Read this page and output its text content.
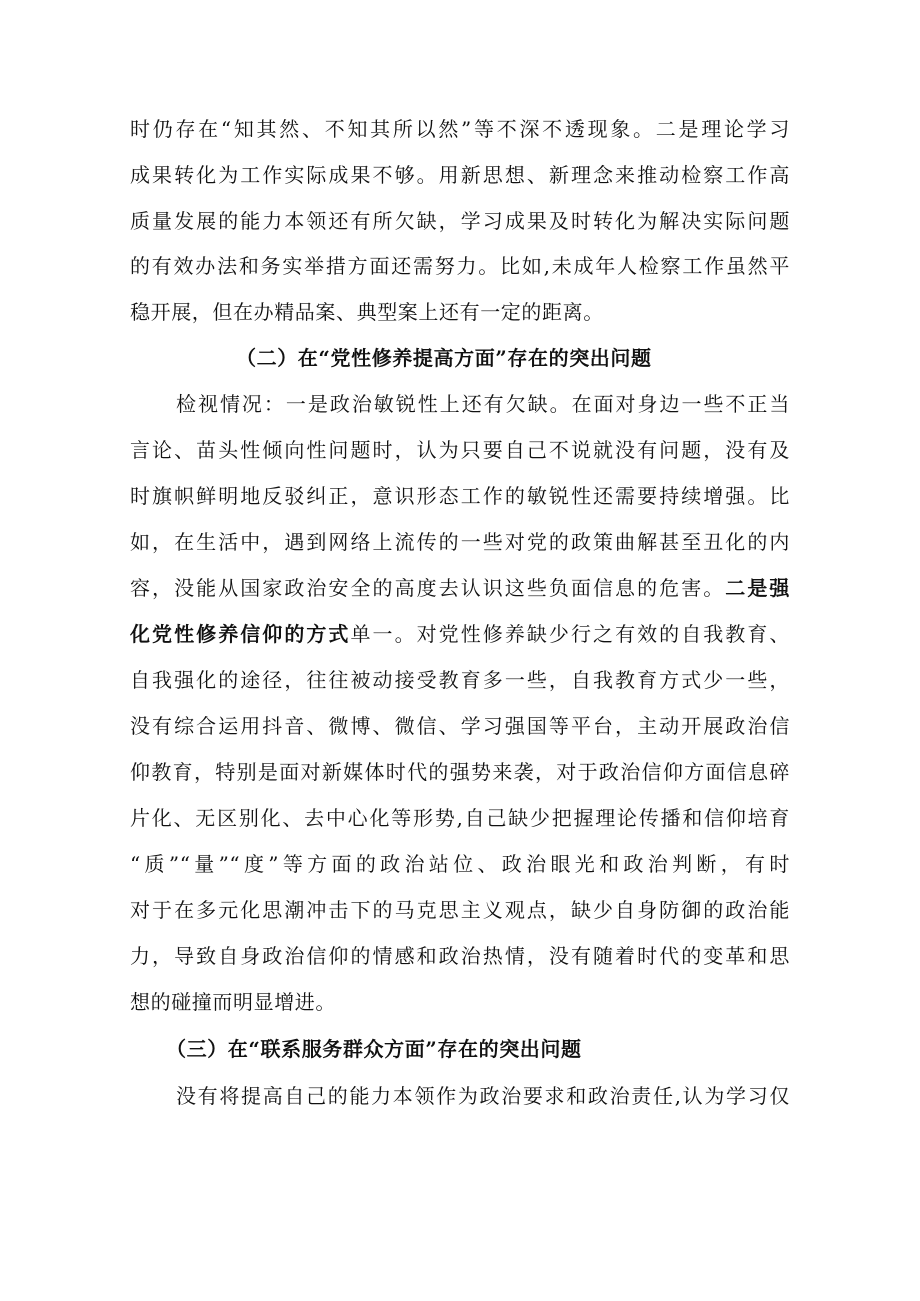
时仍存在“知其然、不知其所以然”等不深不透现象。二是理论学习
成果转化为工作实际成果不够。用新思想、新理念来推动检察工作高
质量发展的能力本领还有所欠缺，学习成果及时转化为解决实际问题
的有效办法和务实举措方面还需努力。比如,未成年人检察工作虽然平
稳开展，但在办精品案、典型案上还有一定的距离。
（二）在“党性修养提高方面”存在的突出问题
检视情况：一是政治敏锐性上还有欠缺。在面对身边一些不正当
言论、苗头性倾向性问题时，认为只要自己不说就没有问题，没有及
时旗帜鲜明地反驳纠正，意识形态工作的敏锐性还需要持续增强。比
如，在生活中，遇到网络上流传的一些对党的政策曲解甚至丑化的内
容，没能从国家政治安全的高度去认识这些负面信息的危害。二是强
化党性修养信仰的方式单一。对党性修养缺少行之有效的自我教育、
自我强化的途径，往往被动接受教育多一些，自我教育方式少一些，
没有综合运用抖音、微博、微信、学习强国等平台，主动开展政治信
仰教育，特别是面对新媒体时代的强势来袭，对于政治信仰方面信息碎
片化、无区别化、去中心化等形势,自己缺少把握理论传播和信仰培育
“质”“量”“度”等方面的政治站位、政治眼光和政治判断，有时
对于在多元化思潮冲击下的马克思主义观点，缺少自身防御的政治能
力，导致自身政治信仰的情感和政治热情，没有随着时代的变革和思
想的碰撞而明显增进。
（三）在“联系服务群众方面”存在的突出问题
没有将提高自己的能力本领作为政治要求和政治责任,认为学习仅
